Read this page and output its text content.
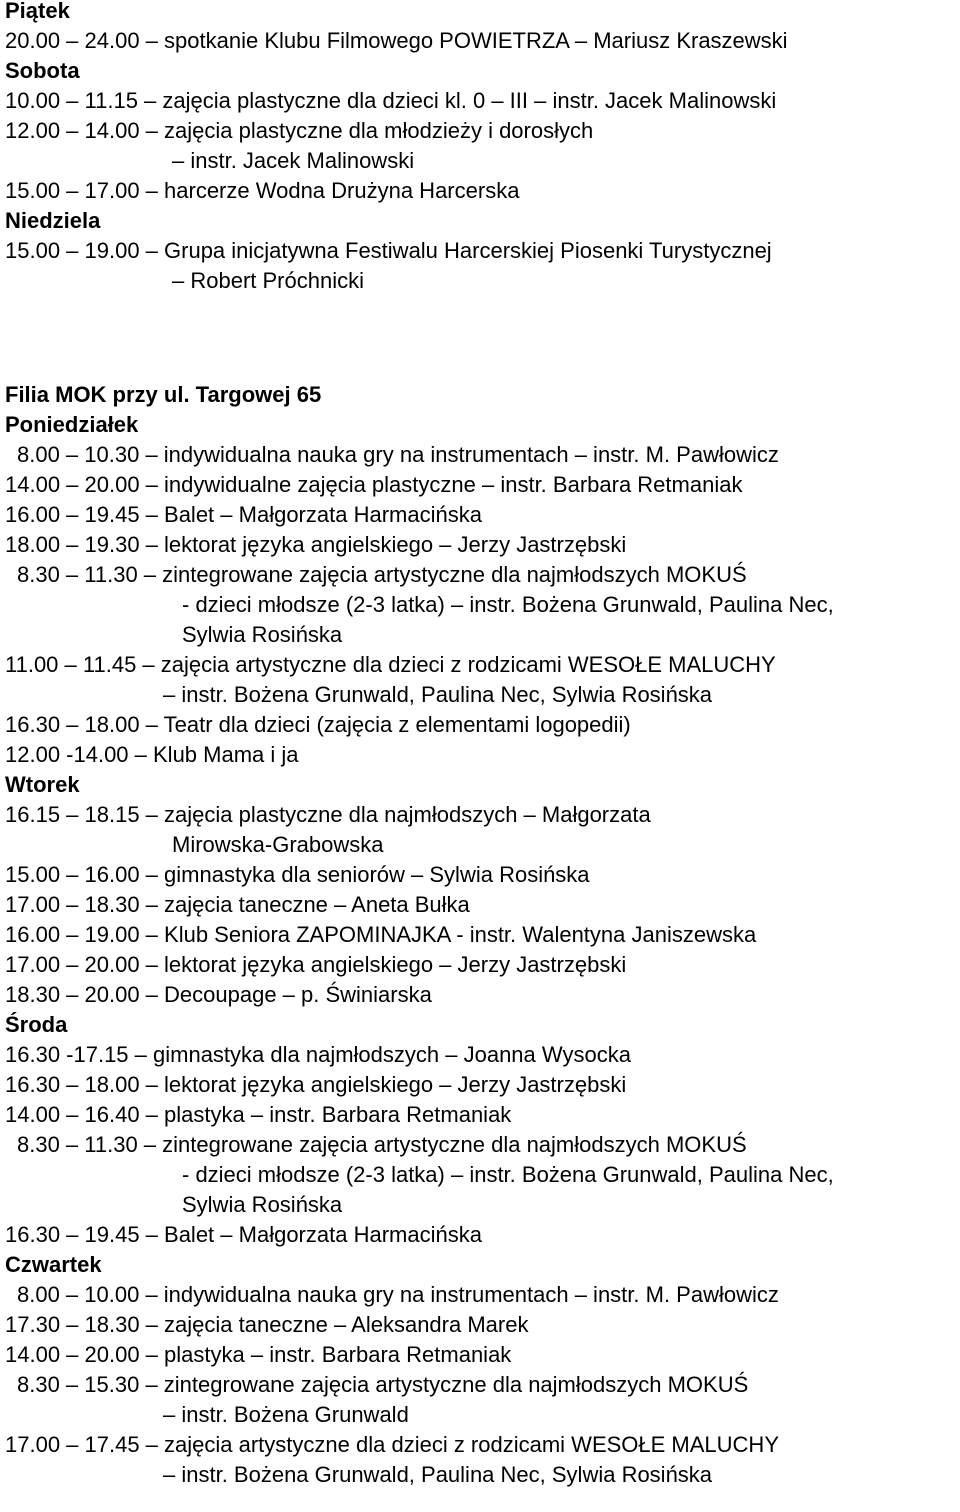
Piątek
20.00 – 24.00 – spotkanie Klubu Filmowego POWIETRZA – Mariusz Kraszewski
Sobota
10.00 – 11.15 – zajęcia plastyczne dla dzieci kl. 0 – III – instr. Jacek Malinowski
12.00 – 14.00 – zajęcia plastyczne dla młodzieży i dorosłych
– instr. Jacek Malinowski
15.00 – 17.00 – harcerze Wodna Drużyna Harcerska
Niedziela
15.00 – 19.00 – Grupa inicjatywna Festiwalu Harcerskiej Piosenki Turystycznej
– Robert Próchnicki
Filia MOK przy ul. Targowej 65
Poniedziałek
8.00 – 10.30 – indywidualna nauka gry na instrumentach – instr. M. Pawłowicz
14.00 – 20.00 – indywidualne zajęcia plastyczne – instr. Barbara Retmaniak
16.00 – 19.45 – Balet – Małgorzata Harmacińska
18.00 – 19.30 – lektorat języka angielskiego – Jerzy Jastrzębski
8.30 – 11.30 – zintegrowane zajęcia artystyczne dla najmłodszych MOKUŚ
- dzieci młodsze (2-3 latka) – instr. Bożena Grunwald, Paulina Nec,
Sylwia Rosińska
11.00 – 11.45 – zajęcia artystyczne dla dzieci z rodzicami WESOŁE MALUCHY
– instr. Bożena Grunwald, Paulina Nec, Sylwia Rosińska
16.30 – 18.00 – Teatr dla dzieci (zajęcia z elementami logopedii)
12.00 -14.00 – Klub Mama i ja
Wtorek
16.15 – 18.15 – zajęcia plastyczne dla najmłodszych – Małgorzata
Mirowska-Grabowska
15.00 – 16.00 – gimnastyka dla seniorów – Sylwia Rosińska
17.00 – 18.30 – zajęcia taneczne – Aneta Bułka
16.00 – 19.00 – Klub Seniora ZAPOMINAJKA - instr. Walentyna Janiszewska
17.00 – 20.00 – lektorat języka angielskiego – Jerzy Jastrzębski
18.30 – 20.00 – Decoupage – p. Świniarska
Środa
16.30 -17.15 – gimnastyka dla najmłodszych – Joanna Wysocka
16.30 – 18.00 – lektorat języka angielskiego – Jerzy Jastrzębski
14.00 – 16.40 – plastyka – instr. Barbara Retmaniak
8.30 – 11.30 – zintegrowane zajęcia artystyczne dla najmłodszych MOKUŚ
- dzieci młodsze (2-3 latka) – instr. Bożena Grunwald, Paulina Nec,
Sylwia Rosińska
16.30 – 19.45 – Balet – Małgorzata Harmacińska
Czwartek
8.00 – 10.00 – indywidualna nauka gry na instrumentach – instr. M. Pawłowicz
17.30 – 18.30 – zajęcia taneczne – Aleksandra Marek
14.00 – 20.00 – plastyka – instr. Barbara Retmaniak
8.30 – 15.30 – zintegrowane zajęcia artystyczne dla najmłodszych MOKUŚ
– instr. Bożena Grunwald
17.00 – 17.45 – zajęcia artystyczne dla dzieci z rodzicami WESOŁE MALUCHY
– instr. Bożena Grunwald, Paulina Nec, Sylwia Rosińska
